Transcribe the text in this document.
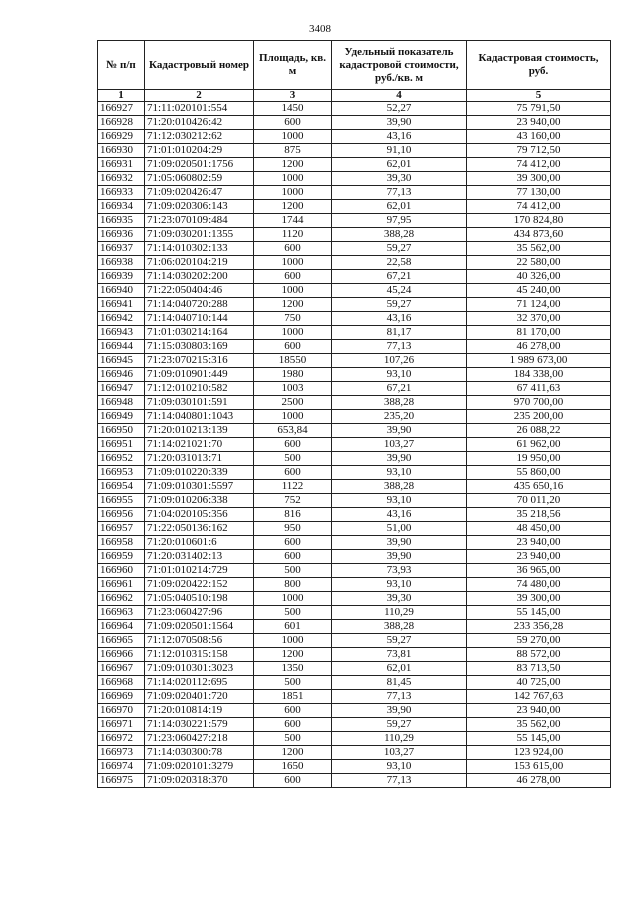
3408
№ п/п	Кадастровый номер	Площадь, кв. м	Удельный показатель кадастровой стоимости, руб./кв. м	Кадастровая стоимость, руб.
1	2	3	4	5
166927	71:11:020101:554	1450	52,27	75 791,50
166928	71:20:010426:42	600	39,90	23 940,00
166929	71:12:030212:62	1000	43,16	43 160,00
166930	71:01:010204:29	875	91,10	79 712,50
166931	71:09:020501:1756	1200	62,01	74 412,00
166932	71:05:060802:59	1000	39,30	39 300,00
166933	71:09:020426:47	1000	77,13	77 130,00
166934	71:09:020306:143	1200	62,01	74 412,00
166935	71:23:070109:484	1744	97,95	170 824,80
166936	71:09:030201:1355	1120	388,28	434 873,60
166937	71:14:010302:133	600	59,27	35 562,00
166938	71:06:020104:219	1000	22,58	22 580,00
166939	71:14:030202:200	600	67,21	40 326,00
166940	71:22:050404:46	1000	45,24	45 240,00
166941	71:14:040720:288	1200	59,27	71 124,00
166942	71:14:040710:144	750	43,16	32 370,00
166943	71:01:030214:164	1000	81,17	81 170,00
166944	71:15:030803:169	600	77,13	46 278,00
166945	71:23:070215:316	18550	107,26	1 989 673,00
166946	71:09:010901:449	1980	93,10	184 338,00
166947	71:12:010210:582	1003	67,21	67 411,63
166948	71:09:030101:591	2500	388,28	970 700,00
166949	71:14:040801:1043	1000	235,20	235 200,00
166950	71:20:010213:139	653,84	39,90	26 088,22
166951	71:14:021021:70	600	103,27	61 962,00
166952	71:20:031013:71	500	39,90	19 950,00
166953	71:09:010220:339	600	93,10	55 860,00
166954	71:09:010301:5597	1122	388,28	435 650,16
166955	71:09:010206:338	752	93,10	70 011,20
166956	71:04:020105:356	816	43,16	35 218,56
166957	71:22:050136:162	950	51,00	48 450,00
166958	71:20:010601:6	600	39,90	23 940,00
166959	71:20:031402:13	600	39,90	23 940,00
166960	71:01:010214:729	500	73,93	36 965,00
166961	71:09:020422:152	800	93,10	74 480,00
166962	71:05:040510:198	1000	39,30	39 300,00
166963	71:23:060427:96	500	110,29	55 145,00
166964	71:09:020501:1564	601	388,28	233 356,28
166965	71:12:070508:56	1000	59,27	59 270,00
166966	71:12:010315:158	1200	73,81	88 572,00
166967	71:09:010301:3023	1350	62,01	83 713,50
166968	71:14:020112:695	500	81,45	40 725,00
166969	71:09:020401:720	1851	77,13	142 767,63
166970	71:20:010814:19	600	39,90	23 940,00
166971	71:14:030221:579	600	59,27	35 562,00
166972	71:23:060427:218	500	110,29	55 145,00
166973	71:14:030300:78	1200	103,27	123 924,00
166974	71:09:020101:3279	1650	93,10	153 615,00
166975	71:09:020318:370	600	77,13	46 278,00
